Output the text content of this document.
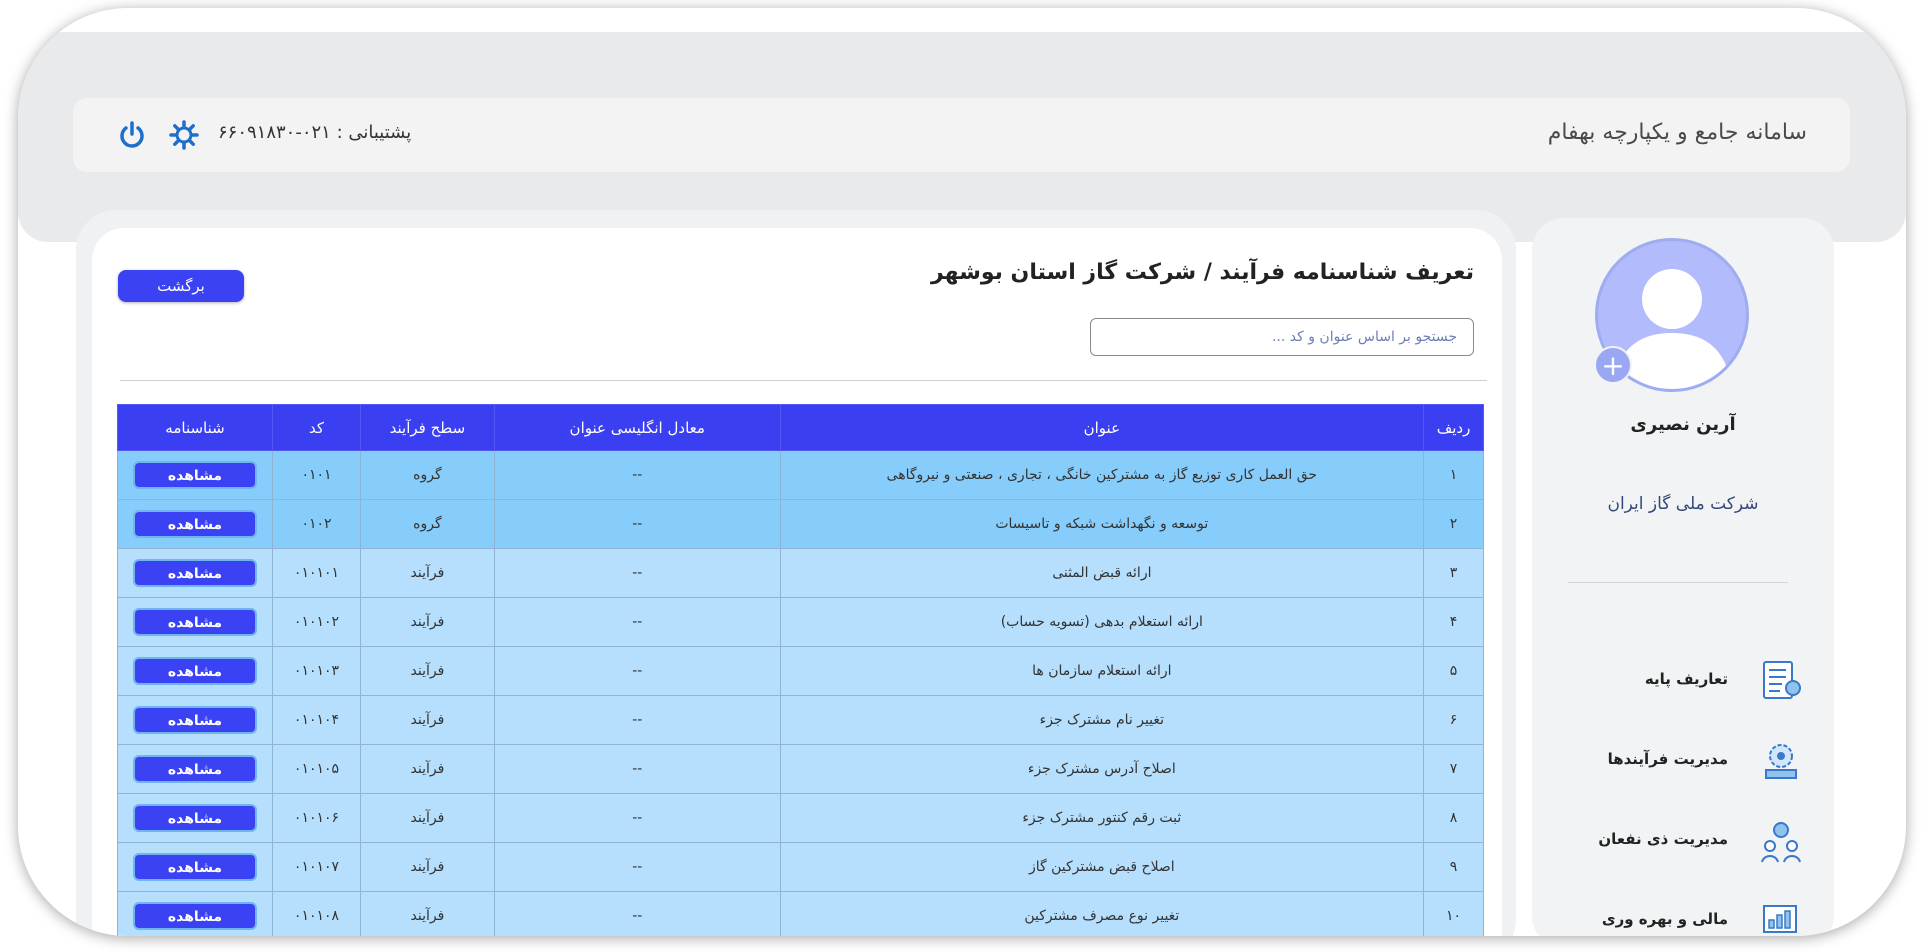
سامانه جامع و یکپارچه بهفام
پشتیبانی : ۰۲۱-۶۶۰۹۱۸۳۰
+
آرین نصیری
شرکت ملی گاز ایران
تعاریف پایه
مدیریت فرآیندها
مدیریت ذی نفعان
مالی و بهره وری
تعریف شناسنامه فرآیند / شرکت گاز استان بوشهر
برگشت
جستجو بر اساس عنوان و کد ...
ردیف	عنوان	معادل انگلیسی عنوان	سطح فرآیند	کد	شناسنامه
۱	حق العمل کاری توزیع گاز به مشترکین خانگی ، تجاری ، صنعتی و نیروگاهی	--	گروه	۰۱۰۱	مشاهده
۲	توسعه و نگهداشت شبکه و تاسیسات	--	گروه	۰۱۰۲	مشاهده
۳	ارائه قبض المثنی	--	فرآیند	۰۱۰۱۰۱	مشاهده
۴	ارائه استعلام بدهی (تسویه حساب)	--	فرآیند	۰۱۰۱۰۲	مشاهده
۵	ارائه استعلام سازمان ها	--	فرآیند	۰۱۰۱۰۳	مشاهده
۶	تغییر نام مشترک جزء	--	فرآیند	۰۱۰۱۰۴	مشاهده
۷	اصلاح آدرس مشترک جزء	--	فرآیند	۰۱۰۱۰۵	مشاهده
۸	ثبت رقم کنتور مشترک جزء	--	فرآیند	۰۱۰۱۰۶	مشاهده
۹	اصلاح قبض مشترکین گاز	--	فرآیند	۰۱۰۱۰۷	مشاهده
۱۰	تغییر نوع مصرف مشترکین	--	فرآیند	۰۱۰۱۰۸	مشاهده
